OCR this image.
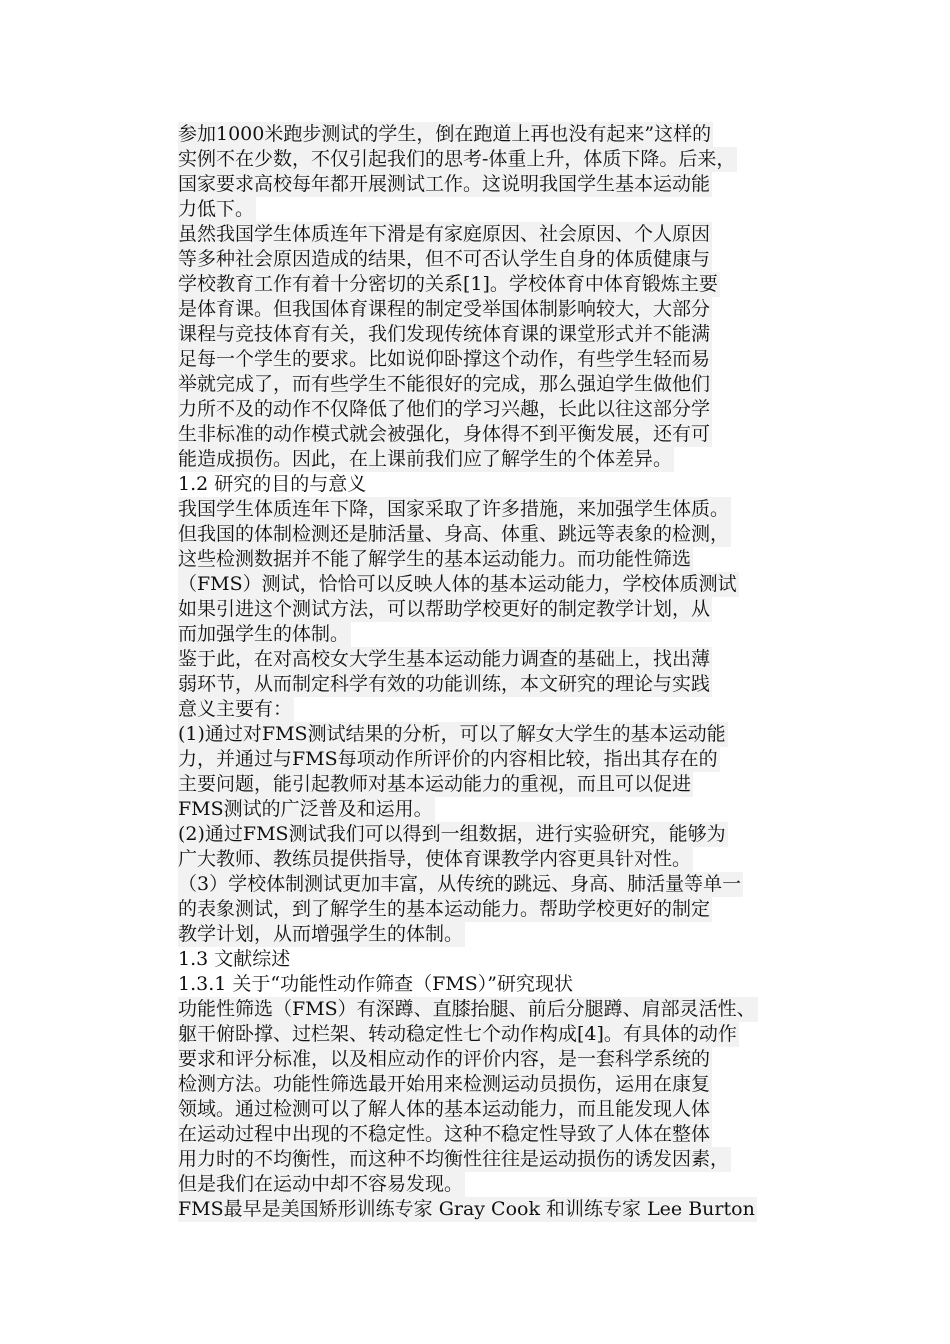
参加1000米跑步测试的学生，倒在跑道上再也没有起来”这样的
实例不在少数，不仅引起我们的思考-体重上升，体质下降。后来，
国家要求高校每年都开展测试工作。这说明我国学生基本运动能
力低下。
虽然我国学生体质连年下滑是有家庭原因、社会原因、个人原因
等多种社会原因造成的结果，但不可否认学生自身的体质健康与
学校教育工作有着十分密切的关系[1]。学校体育中体育锻炼主要
是体育课。但我国体育课程的制定受举国体制影响较大，大部分
课程与竞技体育有关，我们发现传统体育课的课堂形式并不能满
足每一个学生的要求。比如说仰卧撑这个动作，有些学生轻而易
举就完成了，而有些学生不能很好的完成，那么强迫学生做他们
力所不及的动作不仅降低了他们的学习兴趣，长此以往这部分学
生非标准的动作模式就会被强化，身体得不到平衡发展，还有可
能造成损伤。因此，在上课前我们应了解学生的个体差异。
1.2 研究的目的与意义
我国学生体质连年下降，国家采取了许多措施，来加强学生体质。
但我国的体制检测还是肺活量、身高、体重、跳远等表象的检测，
这些检测数据并不能了解学生的基本运动能力。而功能性筛选
（FMS）测试，恰恰可以反映人体的基本运动能力，学校体质测试
如果引进这个测试方法，可以帮助学校更好的制定教学计划，从
而加强学生的体制。
鉴于此，在对高校女大学生基本运动能力调查的基础上，找出薄
弱环节，从而制定科学有效的功能训练，本文研究的理论与实践
意义主要有：
(1)通过对FMS测试结果的分析，可以了解女大学生的基本运动能
力，并通过与FMS每项动作所评价的内容相比较，指出其存在的
主要问题，能引起教师对基本运动能力的重视，而且可以促进
FMS测试的广泛普及和运用。
(2)通过FMS测试我们可以得到一组数据，进行实验研究，能够为
广大教师、教练员提供指导，使体育课教学内容更具针对性。
（3）学校体制测试更加丰富，从传统的跳远、身高、肺活量等单一
的表象测试，到了解学生的基本运动能力。帮助学校更好的制定
教学计划，从而增强学生的体制。
1.3 文献综述
1.3.1 关于“功能性动作筛查（FMS）”研究现状
功能性筛选（FMS）有深蹲、直膝抬腿、前后分腿蹲、肩部灵活性、
躯干俯卧撑、过栏架、转动稳定性七个动作构成[4]。有具体的动作
要求和评分标准，以及相应动作的评价内容，是一套科学系统的
检测方法。功能性筛选最开始用来检测运动员损伤，运用在康复
领域。通过检测可以了解人体的基本运动能力，而且能发现人体
在运动过程中出现的不稳定性。这种不稳定性导致了人体在整体
用力时的不均衡性，而这种不均衡性往往是运动损伤的诱发因素，
但是我们在运动中却不容易发现。
FMS最早是美国矫形训练专家 Gray Cook 和训练专家 Lee Burton
